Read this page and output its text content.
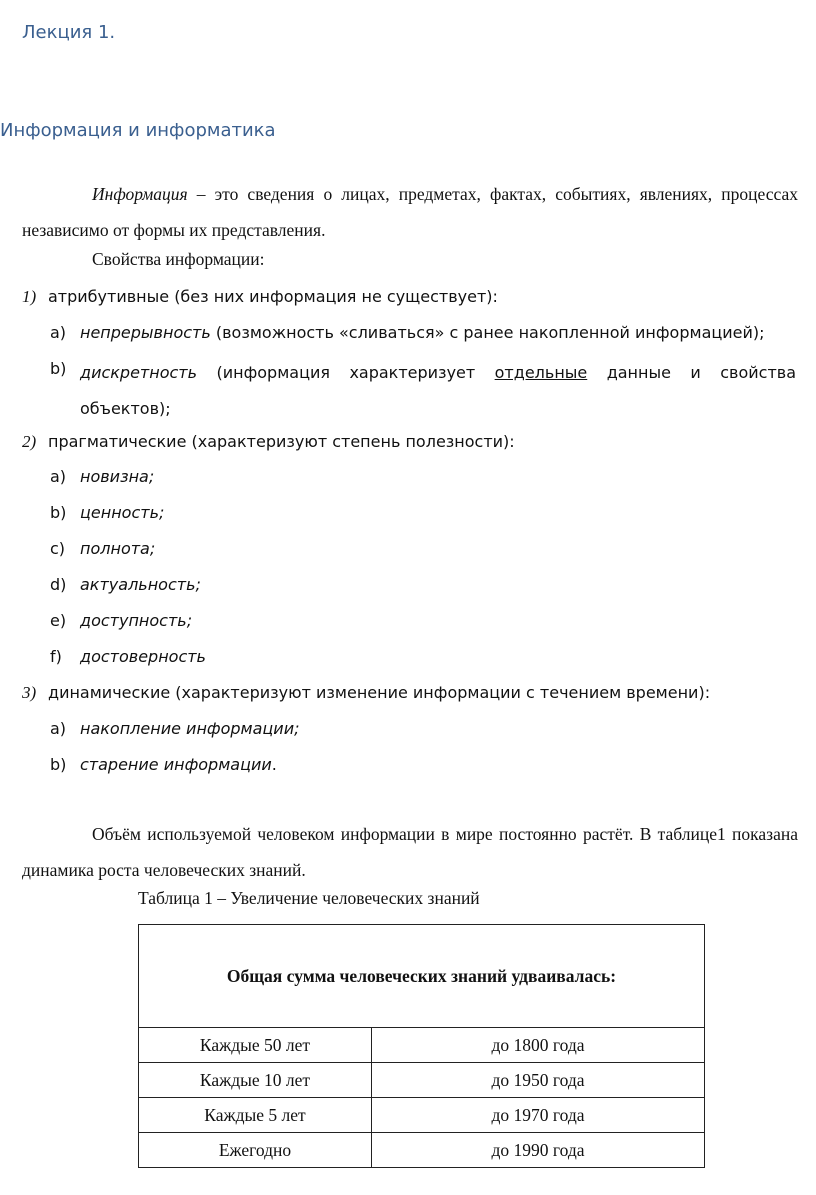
Лекция 1.
Информация и информатика
Информация – это сведения о лицах, предметах, фактах, событиях, явлениях, процессах независимо от формы их представления.
Свойства информации:
1) атрибутивные (без них информация не существует):
a) непрерывность (возможность «сливаться» с ранее накопленной информацией);
b) дискретность (информация характеризует отдельные данные и свойства объектов);
2) прагматические (характеризуют степень полезности):
a) новизна;
b) ценность;
c) полнота;
d) актуальность;
e) доступность;
f) достоверность
3) динамические (характеризуют изменение информации с течением времени):
a) накопление информации;
b) старение информации.
Объём используемой человеком информации в мире постоянно растёт. В таблице1 показана динамика роста человеческих знаний.
Таблица 1 – Увеличение человеческих знаний
Общая сумма человеческих знаний удваивалась:	
Каждые 50 лет	до 1800 года
Каждые 10 лет	до 1950 года
Каждые 5 лет	до 1970 года
Ежегодно	до 1990 года
